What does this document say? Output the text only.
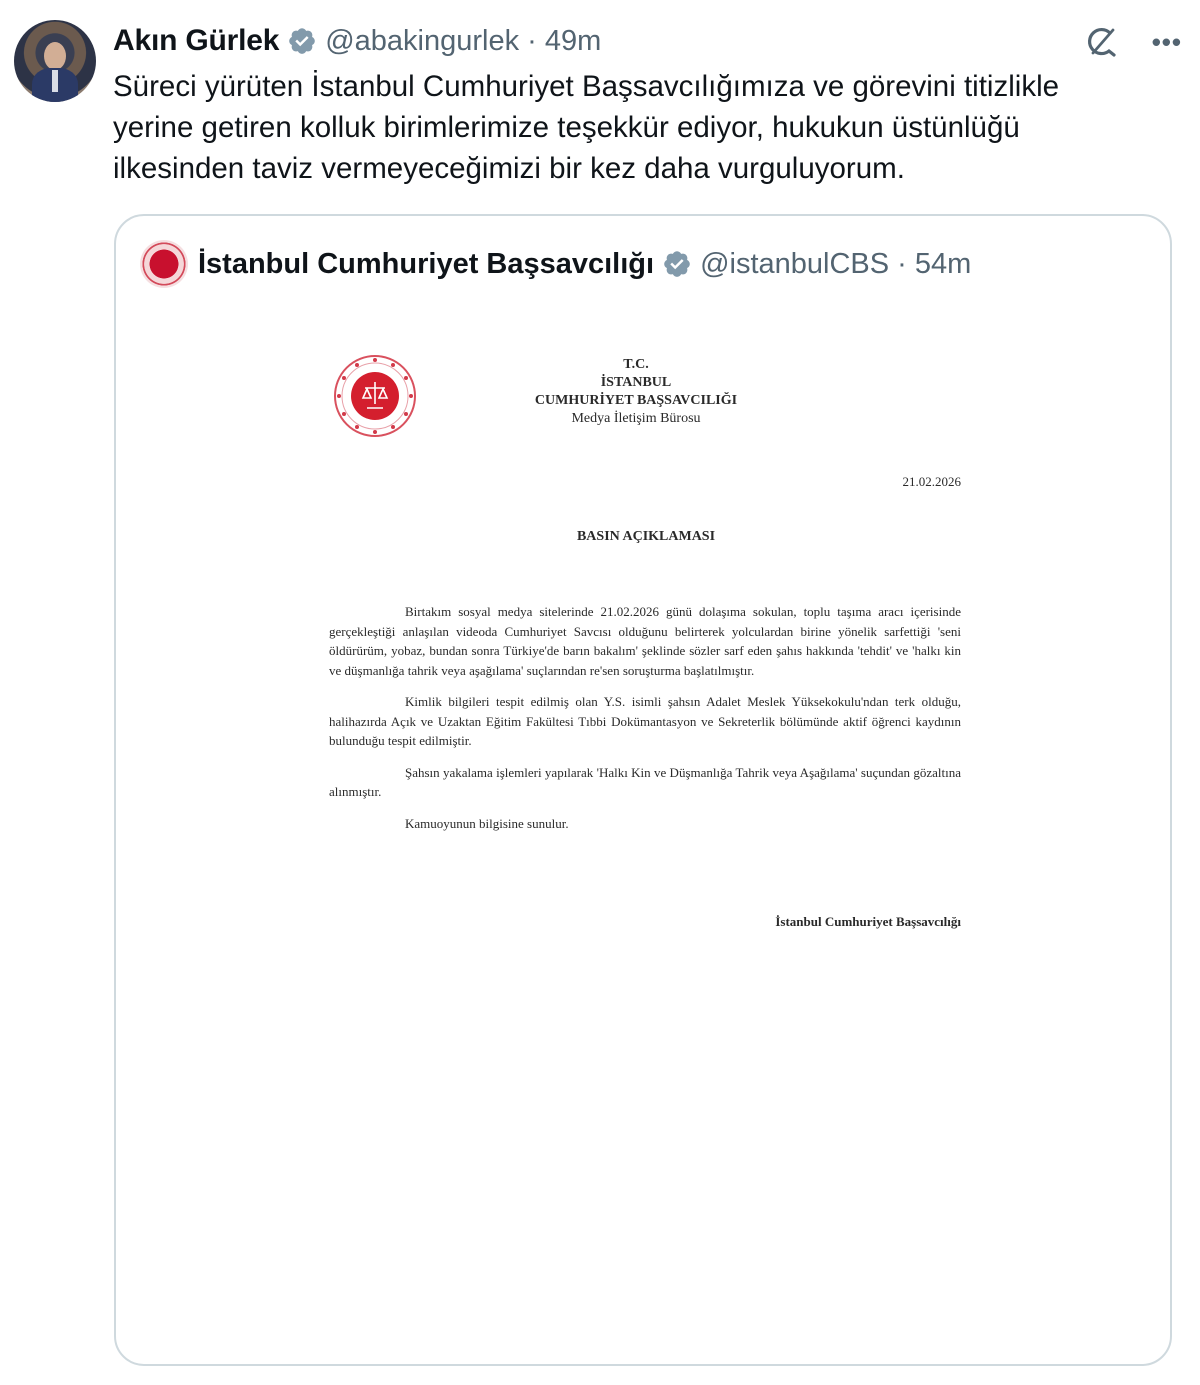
Akın Gürlek @abakingurlek · 49m	•••
Süreci yürüten İstanbul Cumhuriyet Başsavcılığımıza ve görevini titizlikle
yerine getiren kolluk birimlerimize teşekkür ediyor, hukukun üstünlüğü
ilkesinden taviz vermeyeceğimizi bir kez daha vurguluyorum.
İstanbul Cumhuriyet Başsavcılığı @istanbulCBS · 54m
T.C.
İSTANBUL
CUMHURİYET BAŞSAVCILIĞI
Medya İletişim Bürosu
21.02.2026
BASIN AÇIKLAMASI

Birtakım sosyal medya sitelerinde 21.02.2026 günü dolaşıma sokulan, toplu taşıma aracı içerisinde gerçekleştiği anlaşılan videoda Cumhuriyet Savcısı olduğunu belirterek yolculardan birine yönelik sarfettiği 'seni öldürürüm, yobaz, bundan sonra Türkiye'de barın bakalım' şeklinde sözler sarf eden şahıs hakkında 'tehdit' ve 'halkı kin ve düşmanlığa tahrik veya aşağılama' suçlarından re'sen soruşturma başlatılmıştır.

Kimlik bilgileri tespit edilmiş olan Y.S. isimli şahsın Adalet Meslek Yüksekokulu'ndan terk olduğu, halihazırda Açık ve Uzaktan Eğitim Fakültesi Tıbbi Dokümantasyon ve Sekreterlik bölümünde aktif öğrenci kaydının bulunduğu tespit edilmiştir.

Şahsın yakalama işlemleri yapılarak 'Halkı Kin ve Düşmanlığa Tahrik veya Aşağılama' suçundan gözaltına alınmıştır.

Kamuoyunun bilgisine sunulur.

İstanbul Cumhuriyet Başsavcılığı
